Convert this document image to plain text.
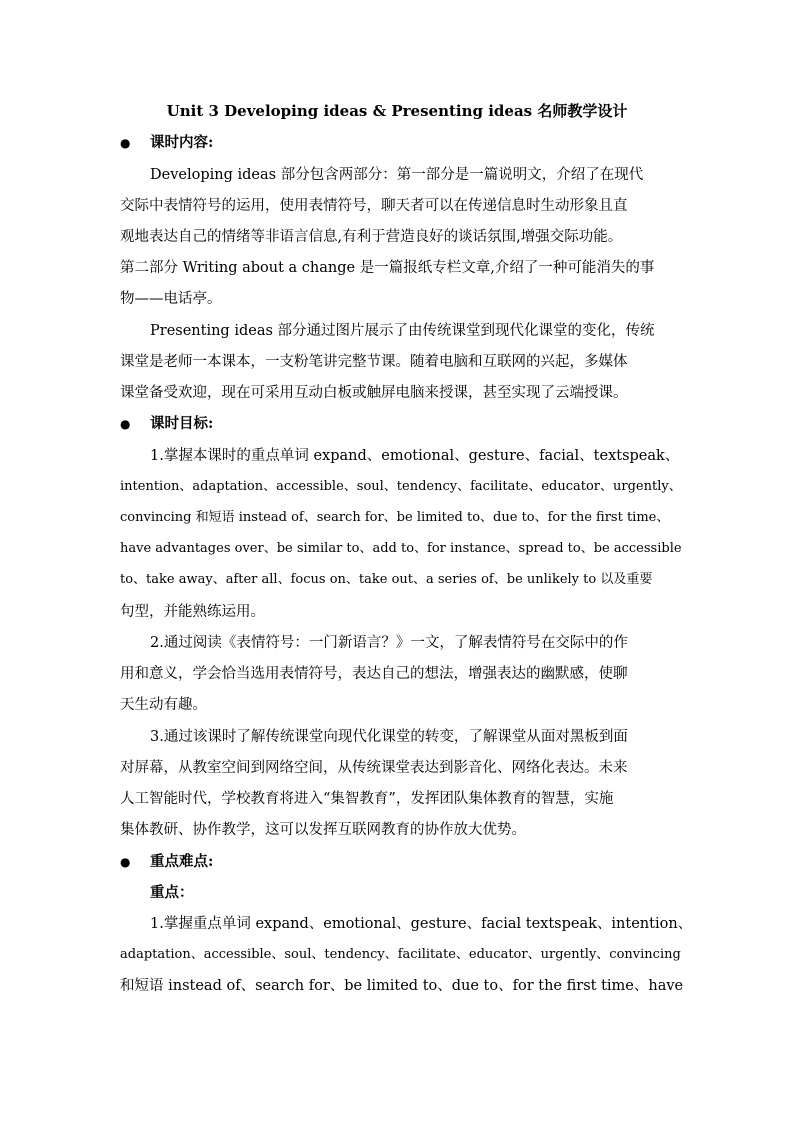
Unit 3 Developing ideas & Presenting ideas 名师教学设计
● 课时内容:
Developing ideas 部分包含两部分：第一部分是一篇说明文，介绍了在现代
交际中表情符号的运用，使用表情符号，聊天者可以在传递信息时生动形象且直
观地表达自己的情绪等非语言信息,有利于营造良好的谈话氛围,增强交际功能。
第二部分 Writing about a change 是一篇报纸专栏文章,介绍了一种可能消失的事
物——电话亭。
Presenting ideas 部分通过图片展示了由传统课堂到现代化课堂的变化，传统
课堂是老师一本课本，一支粉笔讲完整节课。随着电脑和互联网的兴起，多媒体
课堂备受欢迎，现在可采用互动白板或触屏电脑来授课，甚至实现了云端授课。
● 课时目标:
1.掌握本课时的重点单词 expand、emotional、gesture、facial、textspeak、
intention、adaptation、accessible、soul、tendency、facilitate、educator、urgently、
convincing 和短语 instead of、search for、be limited to、due to、for the first time、
have advantages over、be similar to、add to、for instance、spread to、be accessible
to、take away、after all、focus on、take out、a series of、be unlikely to 以及重要
句型，并能熟练运用。
2.通过阅读《表情符号：一门新语言？》一文，了解表情符号在交际中的作
用和意义，学会恰当选用表情符号，表达自己的想法，增强表达的幽默感，使聊
天生动有趣。
3.通过该课时了解传统课堂向现代化课堂的转变，了解课堂从面对黑板到面
对屏幕，从教室空间到网络空间，从传统课堂表达到影音化、网络化表达。未来
人工智能时代，学校教育将进入“集智教育”，发挥团队集体教育的智慧，实施
集体教研、协作教学，这可以发挥互联网教育的协作放大优势。
● 重点难点:
重点：
1.掌握重点单词 expand、emotional、gesture、facial textspeak、intention、
adaptation、accessible、soul、tendency、facilitate、educator、urgently、convincing
和短语 instead of、search for、be limited to、due to、for the first time、have
